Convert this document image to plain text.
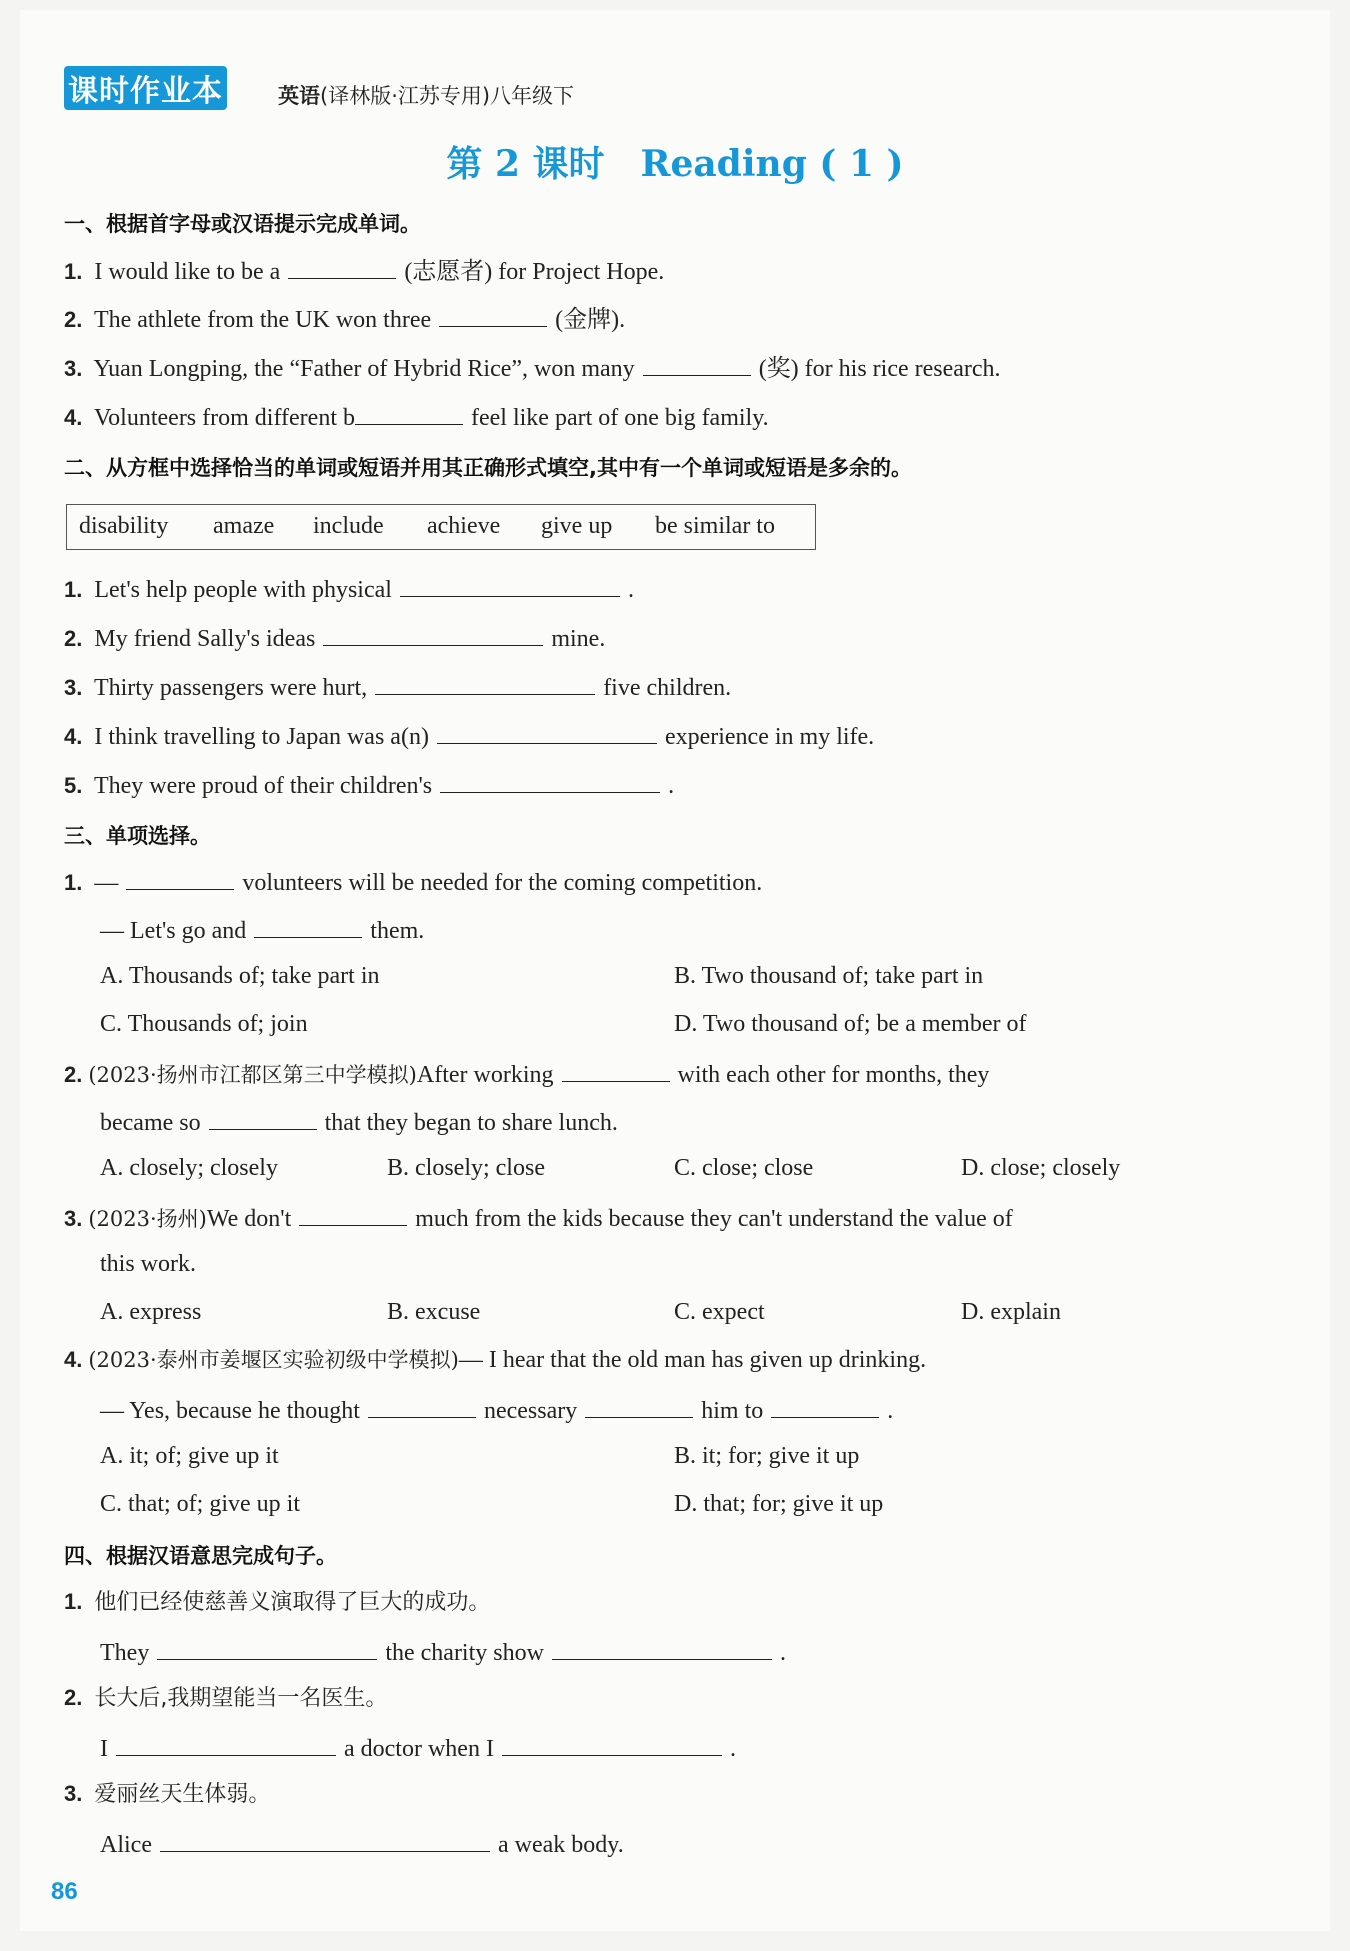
课时作业本	英语(译林版·江苏专用)八年级下
第 2 课时　Reading ( 1 )
一、根据首字母或汉语提示完成单词。
1. I would like to be a	(志愿者) for Project Hope.
2. The athlete from the UK won three	(金牌).
3. Yuan Longping, the “Father of Hybrid Rice”, won many	(奖) for his rice research.
4. Volunteers from different b	feel like part of one big family.
二、从方框中选择恰当的单词或短语并用其正确形式填空,其中有一个单词或短语是多余的。
disability amaze include achieve give up be similar to
1. Let's help people with physical	.
2. My friend Sally's ideas	mine.
3. Thirty passengers were hurt,	five children.
4. I think travelling to Japan was a(n)	experience in my life.
5. They were proud of their children's	.
三、单项选择。
1. —	volunteers will be needed for the coming competition.
— Let's go and	them.
A. Thousands of; take part in	B. Two thousand of; take part in
C. Thousands of; join	D. Two thousand of; be a member of
2. (2023·扬州市江都区第三中学模拟)After working	with each other for months, they
became so	that they began to share lunch.
A. closely; closely	B. closely; close	C. close; close	D. close; closely
3. (2023·扬州)We don't	much from the kids because they can't understand the value of
this work.
A. express	B. excuse	C. expect	D. explain
4. (2023·泰州市姜堰区实验初级中学模拟)— I hear that the old man has given up drinking.
— Yes, because he thought	necessary	him to	.
A. it; of; give up it	B. it; for; give it up
C. that; of; give up it	D. that; for; give it up
四、根据汉语意思完成句子。
1. 他们已经使慈善义演取得了巨大的成功。
They	the charity show	.
2. 长大后,我期望能当一名医生。
I	a doctor when I	.
3. 爱丽丝天生体弱。
Alice	a weak body.
86
